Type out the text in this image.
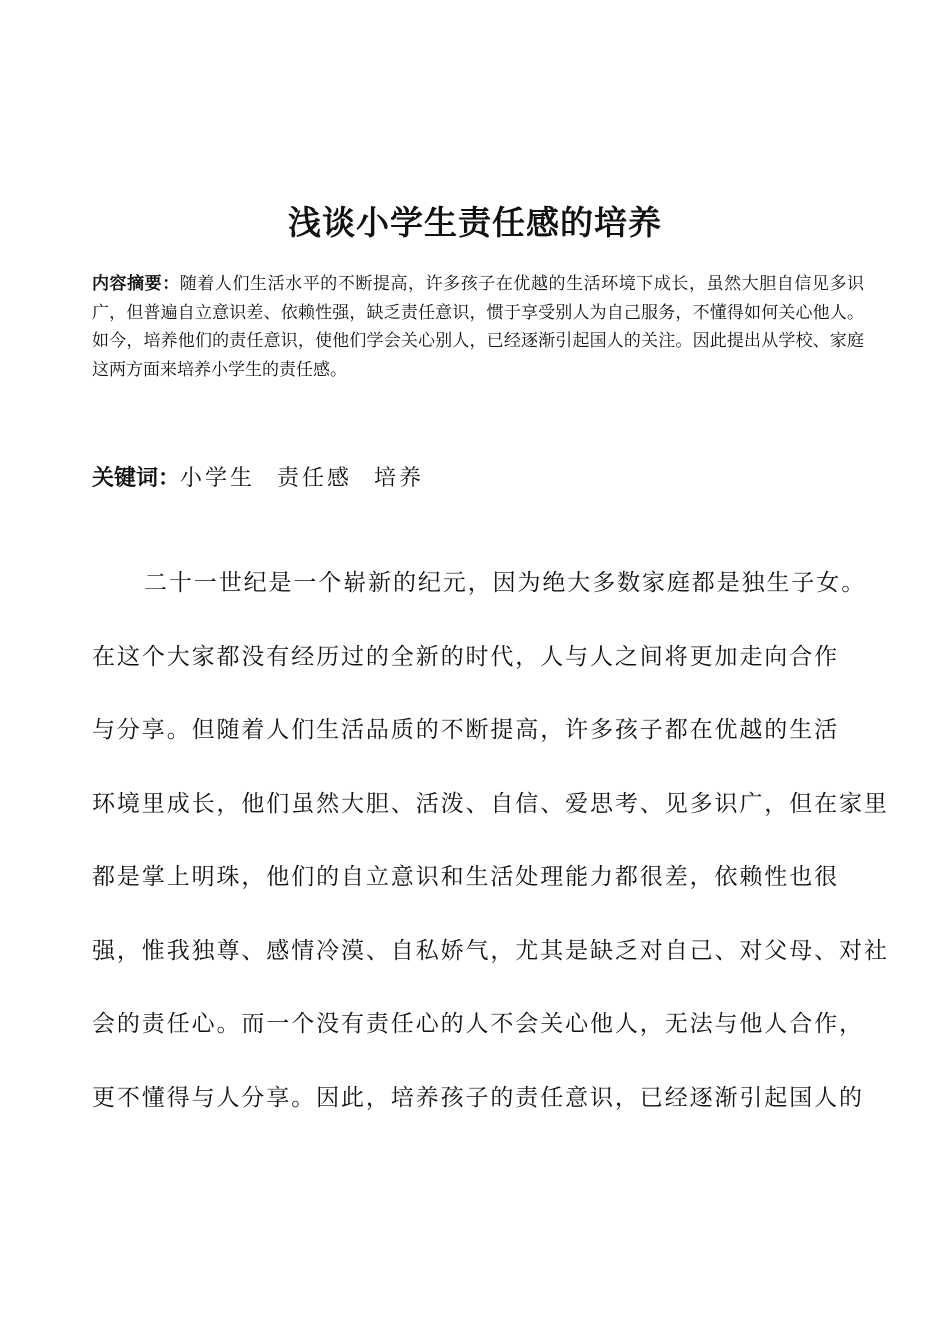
浅谈小学生责任感的培养

内容摘要：随着人们生活水平的不断提高，许多孩子在优越的生活环境下成长，虽然大胆自信见多识广，但普遍自立意识差、依赖性强，缺乏责任意识，惯于享受别人为自己服务，不懂得如何关心他人。如今，培养他们的责任意识，使他们学会关心别人，已经逐渐引起国人的关注。因此提出从学校、家庭这两方面来培养小学生的责任感。

关键词：小学生 责任感 培养

二十一世纪是一个崭新的纪元，因为绝大多数家庭都是独生子女。
在这个大家都没有经历过的全新的时代，人与人之间将更加走向合作
与分享。但随着人们生活品质的不断提高，许多孩子都在优越的生活
环境里成长，他们虽然大胆、活泼、自信、爱思考、见多识广，但在家里
都是掌上明珠，他们的自立意识和生活处理能力都很差，依赖性也很
强，惟我独尊、感情冷漠、自私娇气，尤其是缺乏对自己、对父母、对社
会的责任心。而一个没有责任心的人不会关心他人，无法与他人合作，
更不懂得与人分享。因此，培养孩子的责任意识，已经逐渐引起国人的
